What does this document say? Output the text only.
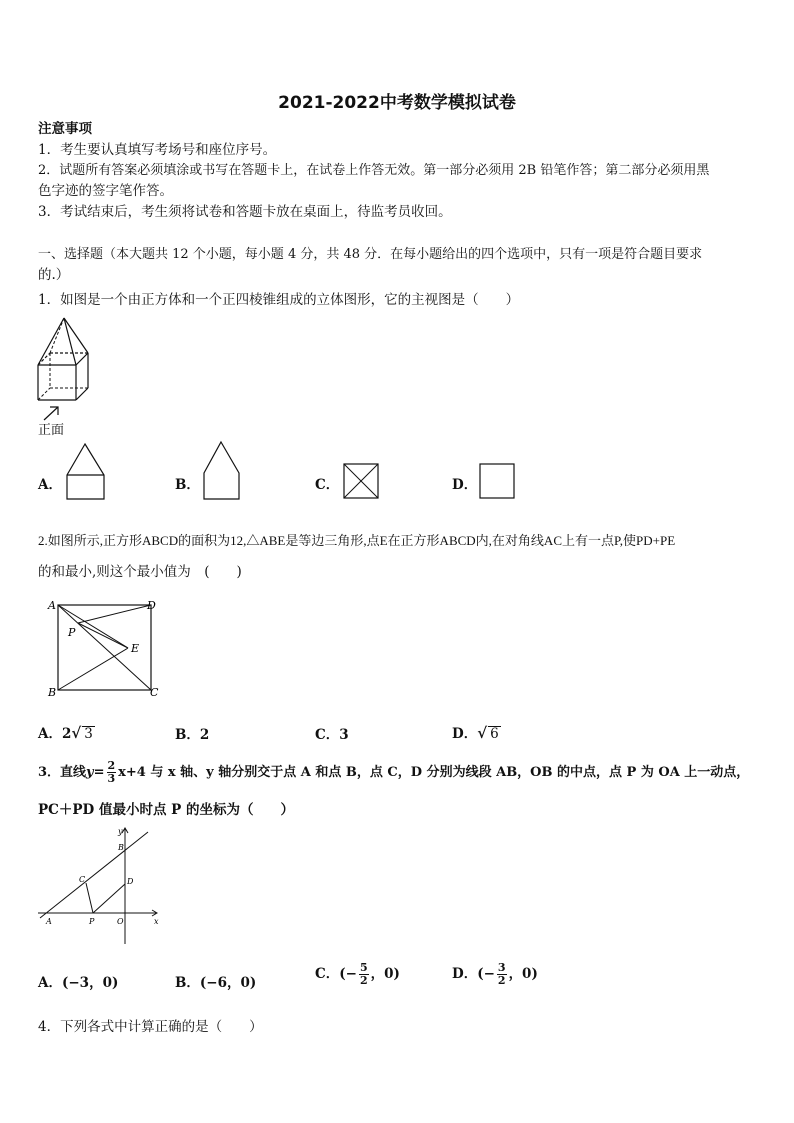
2021-2022中考数学模拟试卷
注意事项
1．考生要认真填写考场号和座位序号。
2．试题所有答案必须填涂或书写在答题卡上，在试卷上作答无效。第一部分必须用 2B 铅笔作答；第二部分必须用黑
色字迹的签字笔作答。
3．考试结束后，考生须将试卷和答题卡放在桌面上，待监考员收回。
一、选择题（本大题共 12 个小题，每小题 4 分，共 48 分．在每小题给出的四个选项中，只有一项是符合题目要求
的.）
1．如图是一个由正方体和一个正四棱锥组成的立体图形，它的主视图是（　　）
正面
A．	B．	C．	D．
2.如图所示,正方形ABCD的面积为12,△ABE是等边三角形,点E在正方形ABCD内,在对角线AC上有一点P,使PD+PE
的和最小,则这个最小值为　(　　)
A	D
P
E
B	C
A．2√ 3	B．2	C．3	D．√ 6
3．直线$y= \frac{2}{3} x+4$ 与 x 轴、y 轴分别交于点 A 和点 B，点 C，D 分别为线段 AB，OB 的中点，点 P 为 OA 上一动点，
PC＋PD 值最小时点 P 的坐标为（　　）
y
B
C	D
A	P	O	x
A．(−3，0)	B．(−6，0)
C．(− $\frac{5}{2}$ ，0)	D．(− $\frac{3}{2}$ ，0)
4．下列各式中计算正确的是（　　）
